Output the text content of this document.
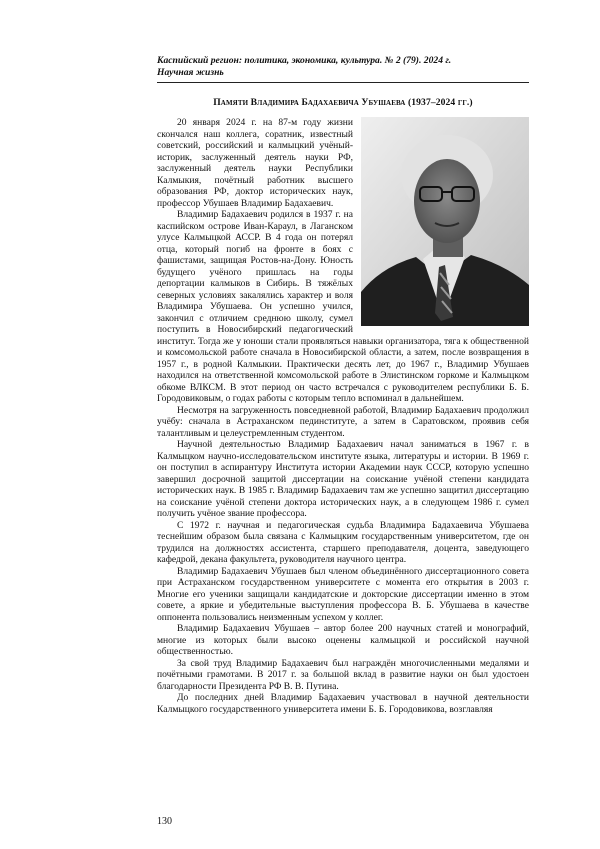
Каспийский регион: политика, экономика, культура. № 2 (79). 2024 г.
Научная жизнь
Памяти Владимира Бадахаевича Убушаева (1937–2024 гг.)

20 января 2024 г. на 87-м году жизни скончался наш коллега, соратник, известный советский, российский и калмыцкий учёный-историк, заслуженный деятель науки РФ, заслуженный деятель науки Республики Калмыкия, почётный работник высшего образования РФ, доктор исторических наук, профессор Убушаев Владимир Бадахаевич.

Владимир Бадахаевич родился в 1937 г. на каспийском острове Иван-Караул, в Лаганском улусе Калмыцкой АССР. В 4 года он потерял отца, который погиб на фронте в боях с фашистами, защищая Ростов-на-Дону. Юность будущего учёного пришлась на годы депортации калмыков в Сибирь. В тяжёлых северных условиях закалялись характер и воля Владимира Убушаева. Он успешно учился, закончил с отличием среднюю школу, сумел поступить в Новосибирский педагогический институт. Тогда же у юноши стали проявляться навыки организатора, тяга к общественной и комсомольской работе сначала в Новосибирской области, а затем, после возвращения в 1957 г., в родной Калмыкии. Практически десять лет, до 1967 г., Владимир Убушаев находился на ответственной комсомольской работе в Элистинском горкоме и Калмыцком обкоме ВЛКСМ. В этот период он часто встречался с руководителем республики Б. Б. Городовиковым, о годах работы с которым тепло вспоминал в дальнейшем.

Несмотря на загруженность повседневной работой, Владимир Бадахаевич продолжил учёбу: сначала в Астраханском пединституте, а затем в Саратовском, проявив себя талантливым и целеустремленным студентом.

Научной деятельностью Владимир Бадахаевич начал заниматься в 1967 г. в Калмыцком научно-исследовательском институте языка, литературы и истории. В 1969 г. он поступил в аспирантуру Института истории Академии наук СССР, которую успешно завершил досрочной защитой диссертации на соискание учёной степени кандидата исторических наук. В 1985 г. Владимир Бадахаевич там же успешно защитил диссертацию на соискание учёной степени доктора исторических наук, а в следующем 1986 г. сумел получить учёное звание профессора.

С 1972 г. научная и педагогическая судьба Владимира Бадахаевича Убушаева теснейшим образом была связана с Калмыцким государственным университетом, где он трудился на должностях ассистента, старшего преподавателя, доцента, заведующего кафедрой, декана факультета, руководителя научного центра.

Владимир Бадахаевич Убушаев был членом объединённого диссертационного совета при Астраханском государственном университете с момента его открытия в 2003 г. Многие его ученики защищали кандидатские и докторские диссертации именно в этом совете, а яркие и убедительные выступления профессора В. Б. Убушаева в качестве оппонента пользовались неизменным успехом у коллег.

Владимир Бадахаевич Убушаев – автор более 200 научных статей и монографий, многие из которых были высоко оценены калмыцкой и российской научной общественностью.

За свой труд Владимир Бадахаевич был награждён многочисленными медалями и почётными грамотами. В 2017 г. за большой вклад в развитие науки он был удостоен благодарности Президента РФ В. В. Путина.

До последних дней Владимир Бадахаевич участвовал в научной деятельности Калмыцкого государственного университета имени Б. Б. Городовикова, возглавляя

130
